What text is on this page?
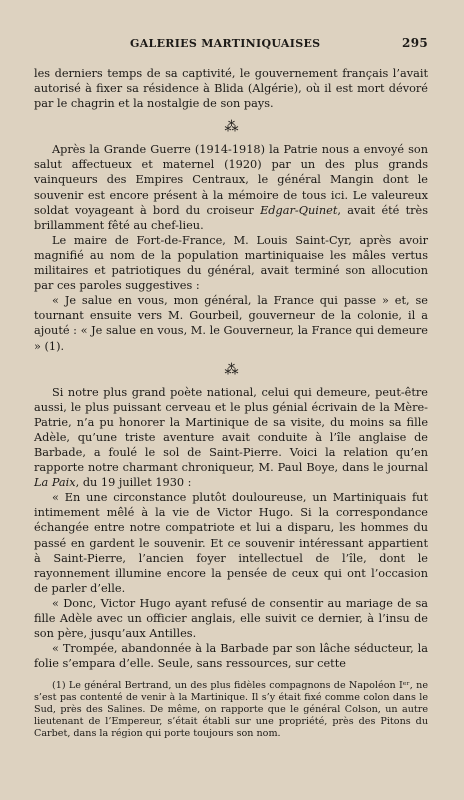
GALERIES MARTINIQUAISES	295

les derniers temps de sa captivité, le gouvernement français l’avait autorisé à fixer sa résidence à Blida (Algérie), où il est mort dévoré par le chagrin et la nostalgie de son pays.

⁂

Après la Grande Guerre (1914-1918) la Patrie nous a envoyé son salut affectueux et maternel (1920) par un des plus grands vainqueurs des Empires Centraux, le général Mangin dont le souvenir est encore présent à la mémoire de tous ici. Le valeureux soldat voyageant à bord du croiseur Edgar-Quinet, avait été très brillamment fêté au chef-lieu.

Le maire de Fort-de-France, M. Louis Saint-Cyr, après avoir magnifié au nom de la population martiniquaise les mâles vertus militaires et patriotiques du général, avait terminé son allocution par ces paroles suggestives :

« Je salue en vous, mon général, la France qui passe » et, se tournant ensuite vers M. Gourbeil, gouverneur de la colonie, il a ajouté : « Je salue en vous, M. le Gouverneur, la France qui demeure » (1).

⁂

Si notre plus grand poète national, celui qui demeure, peut-être aussi, le plus puissant cerveau et le plus génial écrivain de la Mère-Patrie, n’a pu honorer la Martinique de sa visite, du moins sa fille Adèle, qu’une triste aventure avait conduite à l’île anglaise de Barbade, a foulé le sol de Saint-Pierre. Voici la relation qu’en rapporte notre charmant chroniqueur, M. Paul Boye, dans le journal La Paix, du 19 juillet 1930 :

« En une circonstance plutôt douloureuse, un Martiniquais fut intimement mêlé à la vie de Victor Hugo. Si la correspondance échangée entre notre compatriote et lui a disparu, les hommes du passé en gardent le souvenir. Et ce souvenir intéressant appartient à Saint-Pierre, l’ancien foyer intellectuel de l’île, dont le rayonnement illumine encore la pensée de ceux qui ont l’occasion de parler d’elle.

« Donc, Victor Hugo ayant refusé de consentir au mariage de sa fille Adèle avec un officier anglais, elle suivit ce dernier, à l’insu de son père, jusqu’aux Antilles.

« Trompée, abandonnée à la Barbade par son lâche séducteur, la folie s’empara d’elle. Seule, sans ressources, sur cette

(1) Le général Bertrand, un des plus fidèles compagnons de Napoléon Iᵉʳ, ne s’est pas contenté de venir à la Martinique. Il s’y était fixé comme colon dans le Sud, près des Salines. De même, on rapporte que le général Colson, un autre lieutenant de l’Empereur, s’était établi sur une propriété, près des Pitons du Carbet, dans la région qui porte toujours son nom.
